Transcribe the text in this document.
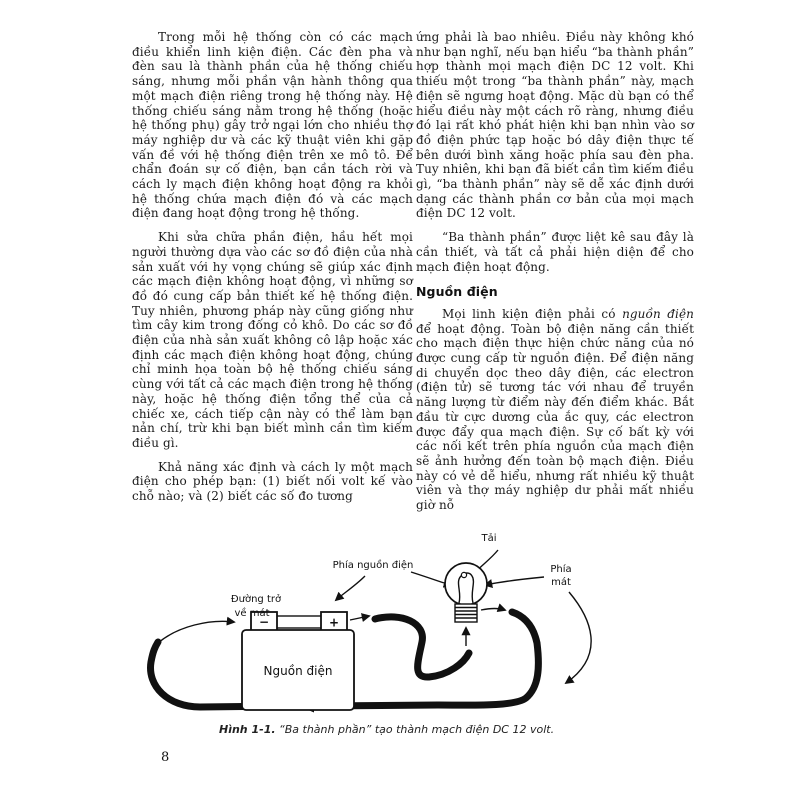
Trong mỗi hệ thống còn có các mạch điều khiển linh kiện điện. Các đèn pha và đèn sau là thành phần của hệ thống chiếu sáng, nhưng mỗi phần vận hành thông qua một mạch điện riêng trong hệ thống này. Hệ thống chiếu sáng nằm trong hệ thống (hoặc hệ thống phụ) gây trở ngại lớn cho nhiều thợ máy nghiệp dư và các kỹ thuật viên khi gặp vấn đề với hệ thống điện trên xe mô tô. Để chẩn đoán sự cố điện, bạn cần tách rời và cách ly mạch điện không hoạt động ra khỏi hệ thống chứa mạch điện đó và các mạch điện đang hoạt động trong hệ thống.

Khi sửa chữa phần điện, hầu hết mọi người thường dựa vào các sơ đồ điện của nhà sản xuất với hy vọng chúng sẽ giúp xác định các mạch điện không hoạt động, vì những sơ đồ đó cung cấp bản thiết kế hệ thống điện. Tuy nhiên, phương pháp này cũng giống như tìm cây kim trong đống cỏ khô. Do các sơ đồ điện của nhà sản xuất không cô lập hoặc xác định các mạch điện không hoạt động, chúng chỉ minh họa toàn bộ hệ thống chiếu sáng cùng với tất cả các mạch điện trong hệ thống này, hoặc hệ thống điện tổng thể của cả chiếc xe, cách tiếp cận này có thể làm bạn nản chí, trừ khi bạn biết mình cần tìm kiếm điều gì.

Khả năng xác định và cách ly một mạch điện cho phép bạn: (1) biết nối volt kế vào chỗ nào; và (2) biết các số đo tương

ứng phải là bao nhiêu. Điều này không khó như bạn nghĩ, nếu bạn hiểu “ba thành phần” hợp thành mọi mạch điện DC 12 volt. Khi thiếu một trong “ba thành phần” này, mạch điện sẽ ngưng hoạt động. Mặc dù bạn có thể hiểu điều này một cách rõ ràng, nhưng điều đó lại rất khó phát hiện khi bạn nhìn vào sơ đồ điện phức tạp hoặc bó dây điện thực tế bên dưới bình xăng hoặc phía sau đèn pha. Tuy nhiên, khi bạn đã biết cần tìm kiếm điều gì, “ba thành phần” này sẽ dễ xác định dưới dạng các thành phần cơ bản của mọi mạch điện DC 12 volt.

“Ba thành phần” được liệt kê sau đây là cần thiết, và tất cả phải hiện diện để cho mạch điện hoạt động.

Nguồn điện

Mọi linh kiện điện phải có nguồn điện để hoạt động. Toàn bộ điện năng cần thiết cho mạch điện thực hiện chức năng của nó được cung cấp từ nguồn điện. Để điện năng di chuyển dọc theo dây điện, các electron (điện tử) sẽ tương tác với nhau để truyền năng lượng từ điểm này đến điểm khác. Bắt đầu từ cực dương của ắc quy, các electron được đẩy qua mạch điện. Sự cố bất kỳ với các nối kết trên phía nguồn của mạch điện sẽ ảnh hưởng đến toàn bộ mạch điện. Điều này có vẻ dễ hiểu, nhưng rất nhiều kỹ thuật viên và thợ máy nghiệp dư phải mất nhiều giờ nỗ

−	+
Nguồn điện
Tải
Phía nguồn điện	Phía
mát
Đường trở
về mát
Hình 1-1. “Ba thành phần” tạo thành mạch điện DC 12 volt.
8
